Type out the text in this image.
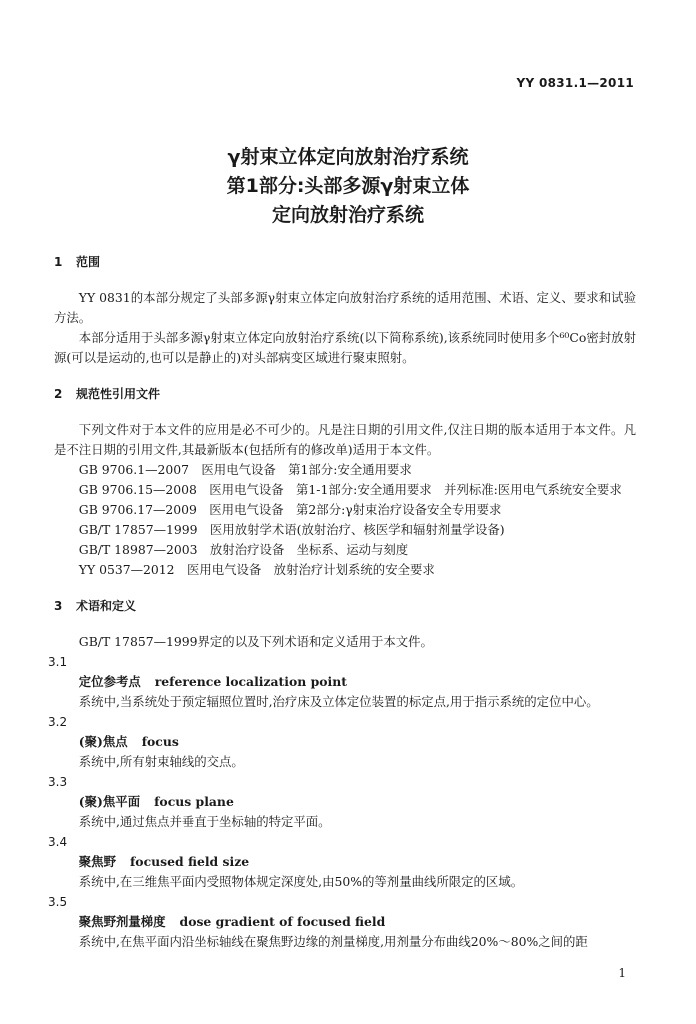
YY 0831.1—2011
γ射束立体定向放射治疗系统
第1部分:头部多源γ射束立体
定向放射治疗系统
1 范围
YY 0831的本部分规定了头部多源γ射束立体定向放射治疗系统的适用范围、术语、定义、要求和试验方法。
本部分适用于头部多源γ射束立体定向放射治疗系统(以下简称系统),该系统同时使用多个⁶⁰Co密封放射源(可以是运动的,也可以是静止的)对头部病变区域进行聚束照射。
2 规范性引用文件
下列文件对于本文件的应用是必不可少的。凡是注日期的引用文件,仅注日期的版本适用于本文件。凡是不注日期的引用文件,其最新版本(包括所有的修改单)适用于本文件。
GB 9706.1—2007　医用电气设备　第1部分:安全通用要求
GB 9706.15—2008　医用电气设备　第1-1部分:安全通用要求　并列标准:医用电气系统安全要求
GB 9706.17—2009　医用电气设备　第2部分:γ射束治疗设备安全专用要求
GB/T 17857—1999　医用放射学术语(放射治疗、核医学和辐射剂量学设备)
GB/T 18987—2003　放射治疗设备　坐标系、运动与刻度
YY 0537—2012　医用电气设备　放射治疗计划系统的安全要求
3 术语和定义
GB/T 17857—1999界定的以及下列术语和定义适用于本文件。
3.1
定位参考点 reference localization point
系统中,当系统处于预定辐照位置时,治疗床及立体定位装置的标定点,用于指示系统的定位中心。
3.2
(聚)焦点 focus
系统中,所有射束轴线的交点。
3.3
(聚)焦平面 focus plane
系统中,通过焦点并垂直于坐标轴的特定平面。
3.4
聚焦野 focused field size
系统中,在三维焦平面内受照物体规定深度处,由50%的等剂量曲线所限定的区域。
3.5
聚焦野剂量梯度 dose gradient of focused field
系统中,在焦平面内沿坐标轴线在聚焦野边缘的剂量梯度,用剂量分布曲线20%～80%之间的距
1
